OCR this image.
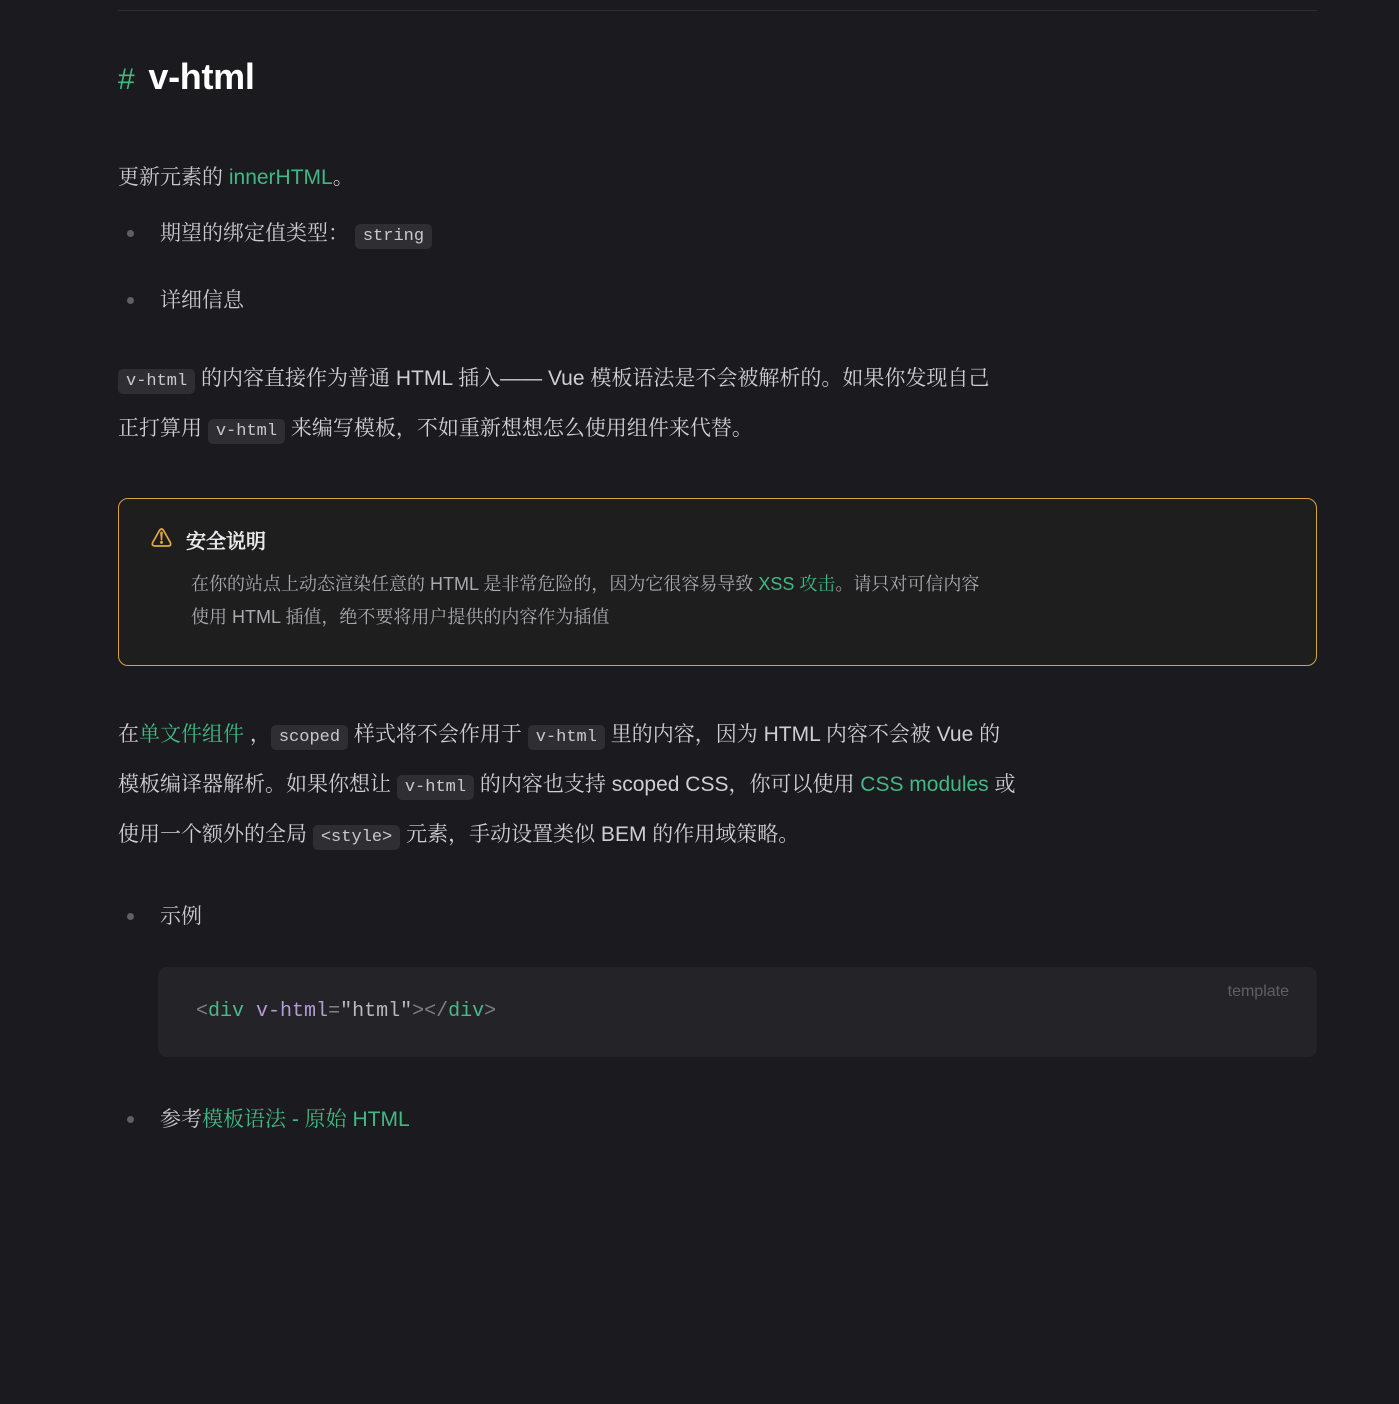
# v-html

更新元素的 innerHTML。

期望的绑定值类型： string
详细信息

v-html 的内容直接作为普通 HTML 插入—— Vue 模板语法是不会被解析的。如果你发现自己

正打算用 v-html 来编写模板，不如重新想想怎么使用组件来代替。

⚠ 安全说明
在你的站点上动态渲染任意的 HTML 是非常危险的，因为它很容易导致 XSS 攻击。请只对可信内容
使用 HTML 插值，绝不要将用户提供的内容作为插值

在单文件组件 ， scoped 样式将不会作用于 v-html 里的内容，因为 HTML 内容不会被 Vue 的

模板编译器解析。如果你想让 v-html 的内容也支持 scoped CSS，你可以使用 CSS modules 或

使用一个额外的全局 <style> 元素，手动设置类似 BEM 的作用域策略。

示例
template
<div v-html="html"></div>
参考模板语法 - 原始 HTML
